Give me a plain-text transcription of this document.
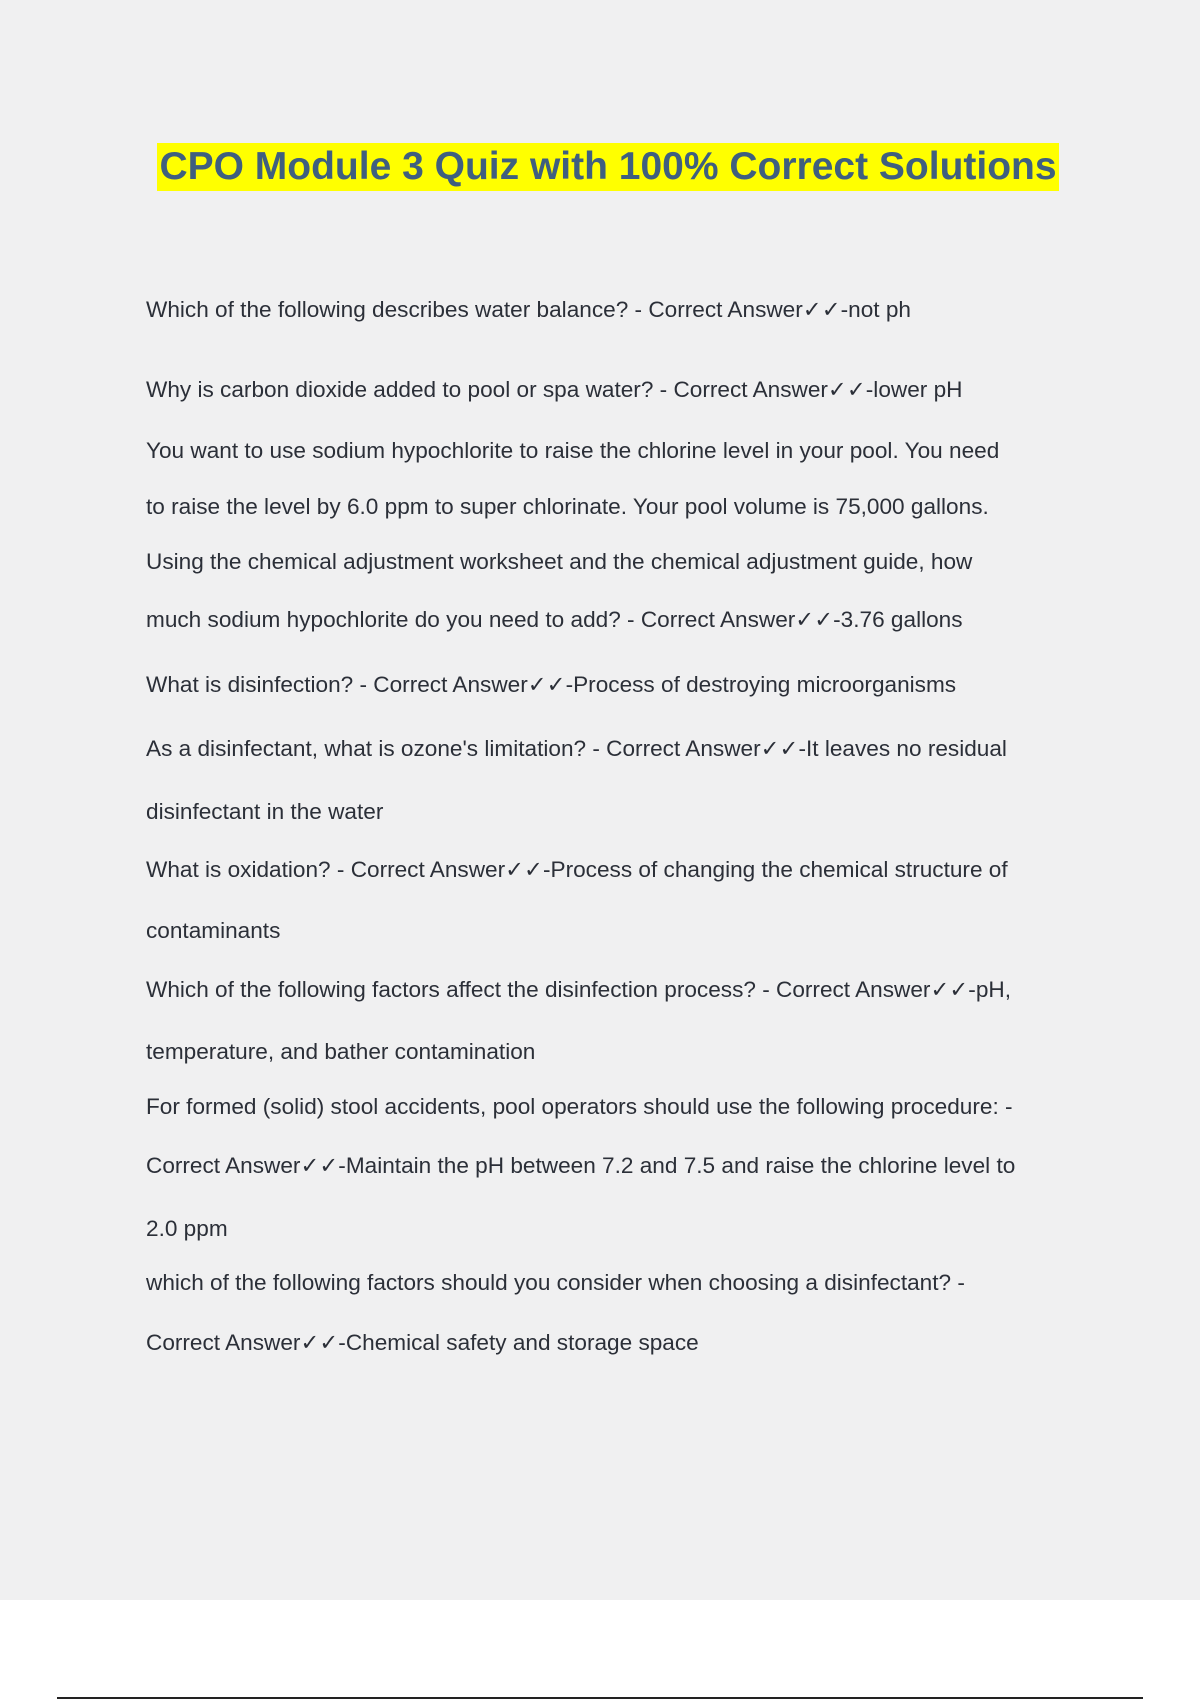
CPO Module 3 Quiz with 100% Correct Solutions
Which of the following describes water balance? - Correct Answer✓✓-not ph
Why is carbon dioxide added to pool or spa water? - Correct Answer✓✓-lower pH
You want to use sodium hypochlorite to raise the chlorine level in your pool. You need
to raise the level by 6.0 ppm to super chlorinate. Your pool volume is 75,000 gallons.
Using the chemical adjustment worksheet and the chemical adjustment guide, how
much sodium hypochlorite do you need to add? - Correct Answer✓✓-3.76 gallons
What is disinfection? - Correct Answer✓✓-Process of destroying microorganisms
As a disinfectant, what is ozone's limitation? - Correct Answer✓✓-It leaves no residual
disinfectant in the water
What is oxidation? - Correct Answer✓✓-Process of changing the chemical structure of
contaminants
Which of the following factors affect the disinfection process? - Correct Answer✓✓-pH,
temperature, and bather contamination
For formed (solid) stool accidents, pool operators should use the following procedure: -
Correct Answer✓✓-Maintain the pH between 7.2 and 7.5 and raise the chlorine level to
2.0 ppm
which of the following factors should you consider when choosing a disinfectant? -
Correct Answer✓✓-Chemical safety and storage space
